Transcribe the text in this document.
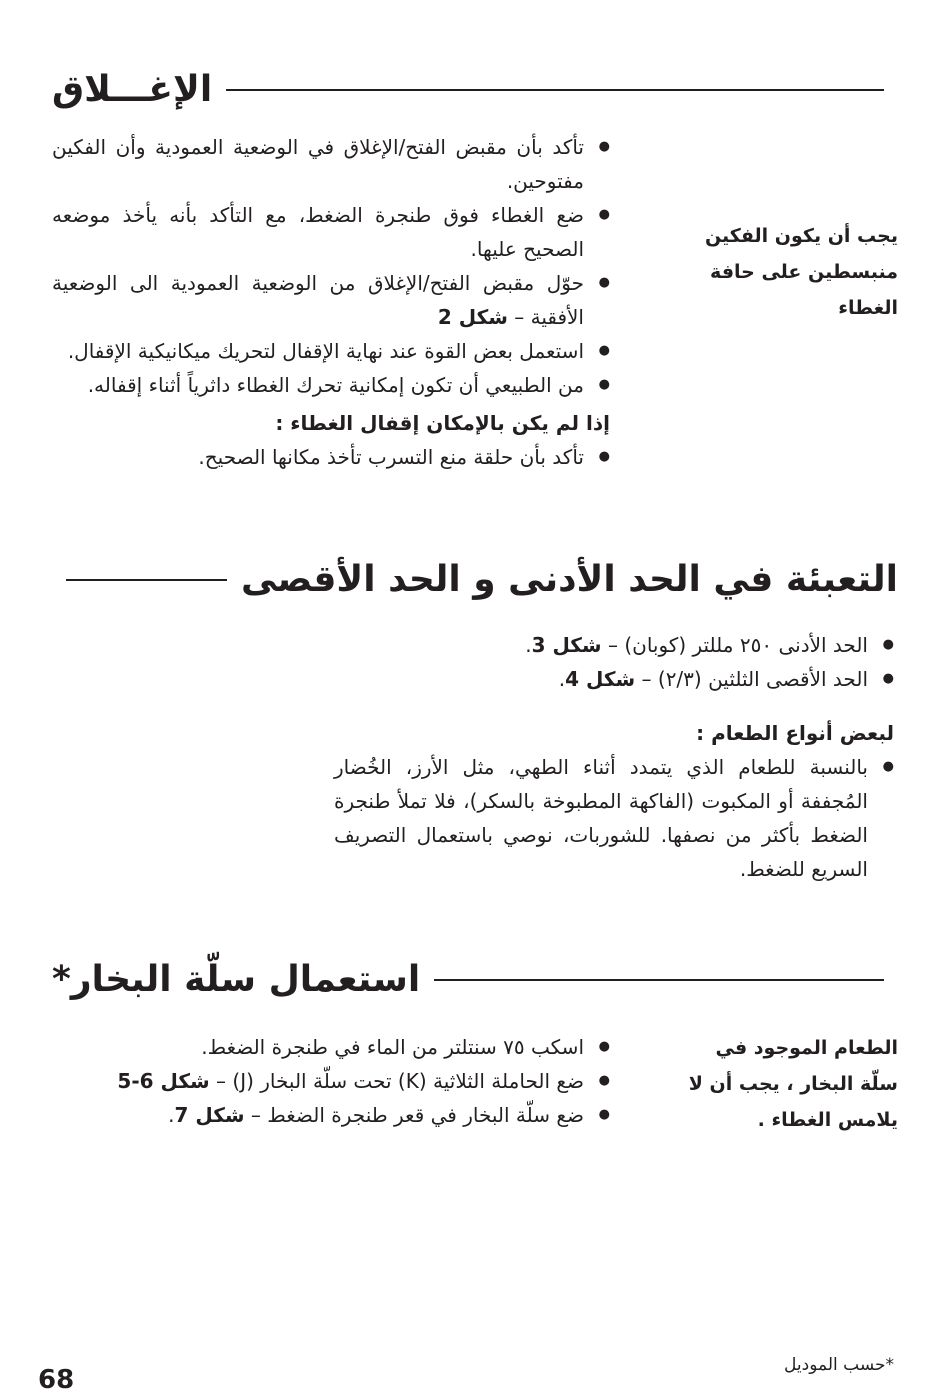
الإغـــلاق
يجب أن يكون الفكين منبسطين على حافة الغطاء
● تأكد بأن مقبض الفتح/الإغلاق في الوضعية العمودية وأن الفكين مفتوحين.
● ضع الغطاء فوق طنجرة الضغط، مع التأكد بأنه يأخذ موضعه الصحيح عليها.
● حوّل مقبض الفتح/الإغلاق من الوضعية العمودية الى الوضعية الأفقية – شكل 2
● استعمل بعض القوة عند نهاية الإقفال لتحريك ميكانيكية الإقفال.
● من الطبيعي أن تكون إمكانية تحرك الغطاء داثرياً أثناء إقفاله.
إذا لم يكن بالإمكان إقفال الغطاء :
● تأكد بأن حلقة منع التسرب تأخذ مكانها الصحيح.
التعبئة في الحد الأدنى و الحد الأقصى
● الحد الأدنى ٢٥٠ مللتر (كوبان) – شكل 3.
● الحد الأقصى الثلثين (٢/٣) – شكل 4.
لبعض أنواع الطعام :
● بالنسبة للطعام الذي يتمدد أثناء الطهي، مثل الأرز، الخُضار المُجففة أو المكبوت (الفاكهة المطبوخة بالسكر)، فلا تملأ طنجرة الضغط بأكثر من نصفها. للشوربات، نوصي باستعمال التصريف السريع للضغط.
استعمال سلّة البخار*
الطعام الموجود في سلّة البخار ، يجب أن لا يلامس الغطاء .
● اسكب ٧٥ سنتلتر من الماء في طنجرة الضغط.
● ضع الحاملة الثلاثية (K) تحت سلّة البخار (J) – شكل 6-5
● ضع سلّة البخار في قعر طنجرة الضغط – شكل 7.
68	*حسب الموديل
